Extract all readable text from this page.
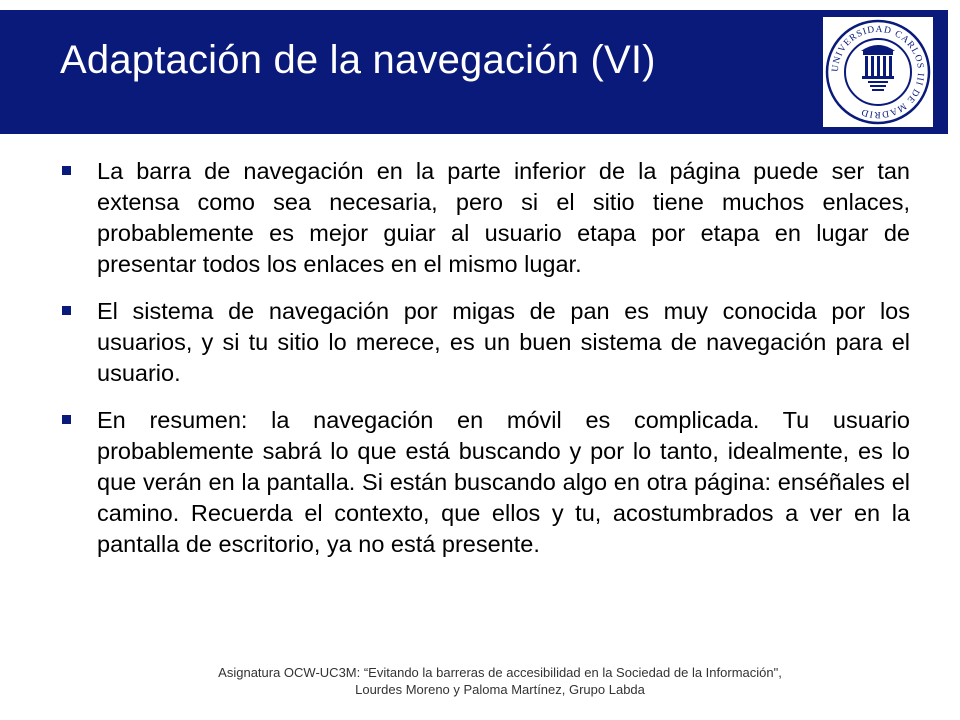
Adaptación de la navegación (VI)	UNIVERSIDAD CARLOS III DE MADRID

La barra de navegación en la parte inferior de la página puede ser tan extensa como sea necesaria, pero si el sitio tiene muchos enlaces, probablemente es mejor guiar al usuario etapa por etapa en lugar de presentar todos los enlaces en el mismo lugar.

El sistema de navegación por migas de pan es muy conocida por los usuarios, y si tu sitio lo merece, es un buen sistema de navegación para el usuario.

En resumen: la navegación en móvil es complicada. Tu usuario probablemente sabrá lo que está buscando y por lo tanto, idealmente, es lo que verán en la pantalla. Si están buscando algo en otra página: enséñales el camino. Recuerda el contexto, que ellos y tu, acostumbrados a ver en la pantalla de escritorio, ya no está presente.

Asignatura OCW-UC3M: “Evitando la barreras de accesibilidad en la Sociedad de la Información",
Lourdes Moreno y Paloma Martínez, Grupo Labda
